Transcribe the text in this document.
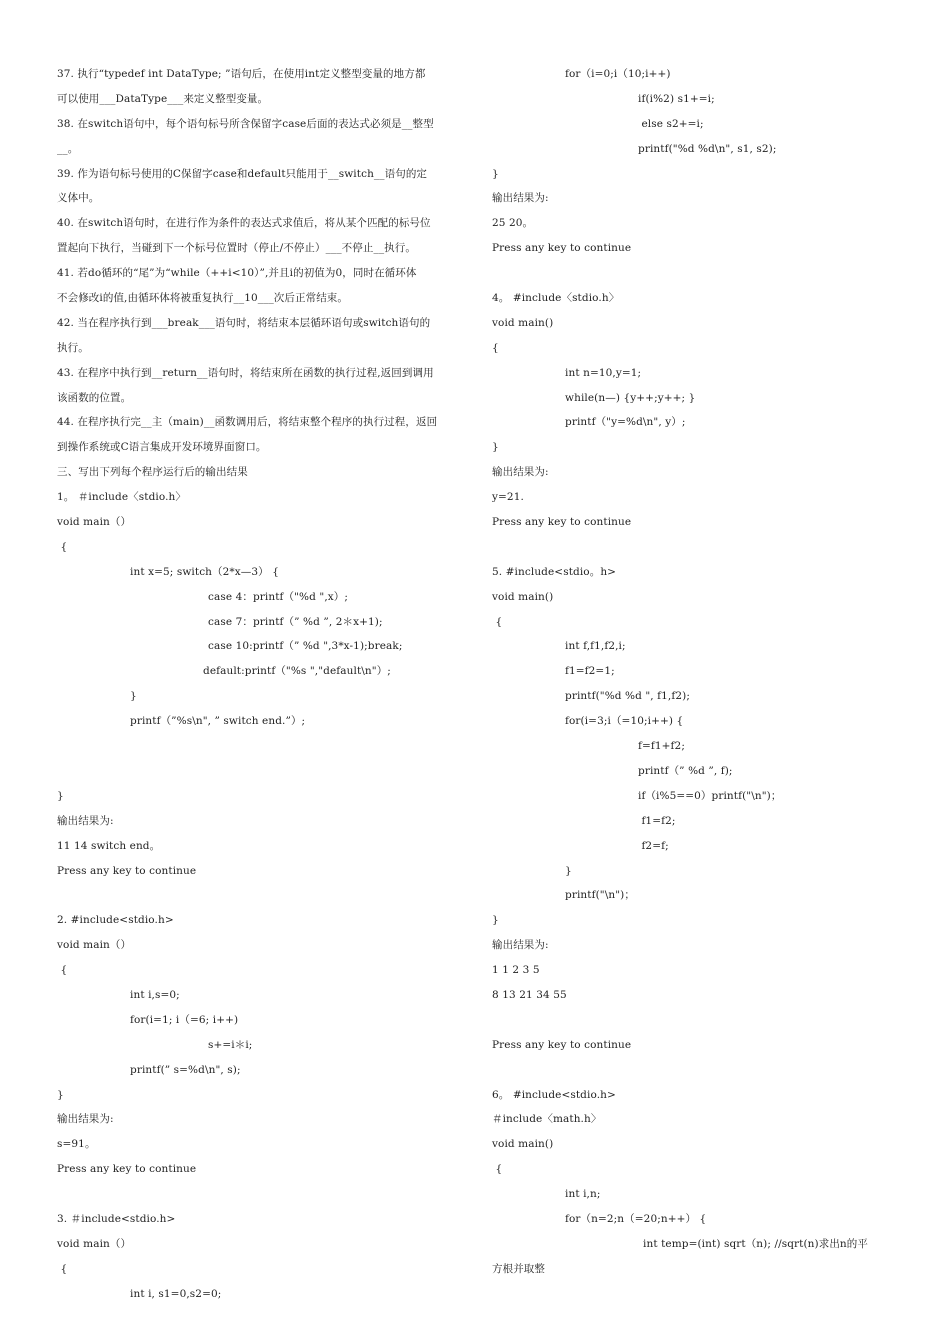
37. 执行“typedef int DataType; ”语句后，在使用int定义整型变量的地方都
可以使用___DataType___来定义整型变量。
38. 在switch语句中，每个语句标号所含保留字case后面的表达式必须是__整型
__。
39. 作为语句标号使用的C保留字case和default只能用于__switch__语句的定
义体中。
40. 在switch语句时，在进行作为条件的表达式求值后，将从某个匹配的标号位
置起向下执行，当碰到下一个标号位置时（停止/不停止）___不停止__执行。
41. 若do循环的“尾”为“while（++i<10）”,并且i的初值为0，同时在循环体
不会修改i的值,由循环体将被重复执行__10___次后正常结束。
42. 当在程序执行到___break___语句时，将结束本层循环语句或switch语句的
执行。
43. 在程序中执行到__return__语句时，将结束所在函数的执行过程,返回到调用
该函数的位置。
44. 在程序执行完__主（main)__函数调用后，将结束整个程序的执行过程，返回
到操作系统或C语言集成开发环境界面窗口。
三、写出下列每个程序运行后的输出结果
1。 ＃include〈stdio.h〉
void main（）
{
int x=5; switch（2*x—3） {
case 4：printf（"%d ",x）;
case 7：printf（” %d ”, 2＊x+1);
case 10:printf（” %d ",3*x-1);break;
default:printf（"%s ","default\n"）;
}
printf（”%s\n", ” switch end.”）;
}
输出结果为:
11 14 switch end。
Press any key to continue
2. #include<stdio.h>
void main（）
{
int i,s=0;
for(i=1; i（=6; i++)
s+=i＊i;
printf(” s=%d\n", s);
}
输出结果为:
s=91。
Press any key to continue
3. ＃include<stdio.h>
void main（）
{
int i, s1=0,s2=0;
for（i=0;i（10;i++)
if(i%2) s1+=i;
else s2+=i;
printf("%d %d\n", s1, s2);
}
输出结果为:
25 20。
Press any key to continue
4。 #include〈stdio.h〉
void main()
{
int n=10,y=1;
while(n—) {y++;y++; }
printf（"y=%d\n", y）;
}
输出结果为:
y=21.
Press any key to continue
5. #include<stdio。h>
void main()
{
int f,f1,f2,i;
f1=f2=1;
printf("%d %d ", f1,f2);
for(i=3;i（=10;i++) {
f=f1+f2;
printf（” %d ”, f);
if（i%5==0）printf("\n")；
f1=f2;
f2=f;
}
printf("\n")；
}
输出结果为:
1 1 2 3 5
8 13 21 34 55
Press any key to continue
6。 #include<stdio.h>
＃include〈math.h〉
void main()
{
int i,n;
for（n=2;n（=20;n++） {
int temp=(int) sqrt（n); //sqrt(n)求出n的平
方根并取整
